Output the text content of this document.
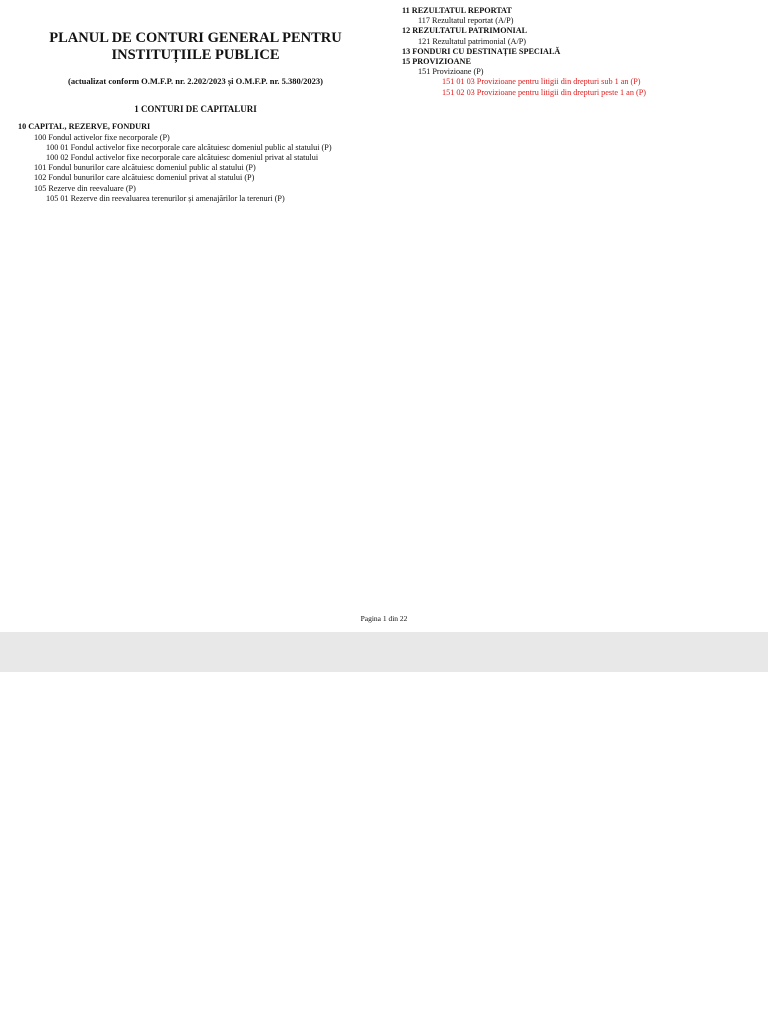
PLANUL DE CONTURI GENERAL PENTRU INSTITUȚIILE PUBLICE

(actualizat conform O.M.F.P. nr. 2.202/2023 și O.M.F.P. nr. 5.380/2023)

1 CONTURI DE CAPITALURI

10 CAPITAL, REZERVE, FONDURI

100 Fondul activelor fixe necorporale (P)

100 01 Fondul activelor fixe necorporale care alcătuiesc domeniul public al statului (P)

100 02 Fondul activelor fixe necorporale care alcătuiesc domeniul privat al statului

101 Fondul bunurilor care alcătuiesc domeniul public al statului (P)

102 Fondul bunurilor care alcătuiesc domeniul privat al statului (P)

105 Rezerve din reevaluare (P)

105 01 Rezerve din reevaluarea terenurilor și amenajărilor la terenuri (P)

11 REZULTATUL REPORTAT

117 Rezultatul reportat (A/P)

12 REZULTATUL PATRIMONIAL

121 Rezultatul patrimonial (A/P)

13 FONDURI CU DESTINAȚIE SPECIALĂ

15 PROVIZIOANE

151 Provizioane (P)

151 01 03 Provizioane pentru litigii din drepturi sub 1 an (P)

151 02 03 Provizioane pentru litigii din drepturi peste 1 an (P)

Pagina 1 din 22
